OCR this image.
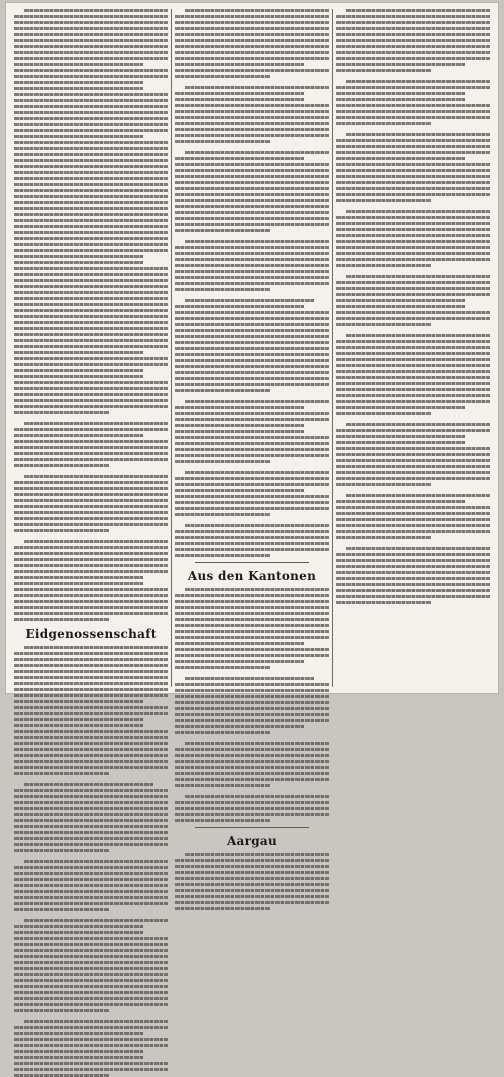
Eidgenossenschaft
Aus den Kantonen
Aargau
